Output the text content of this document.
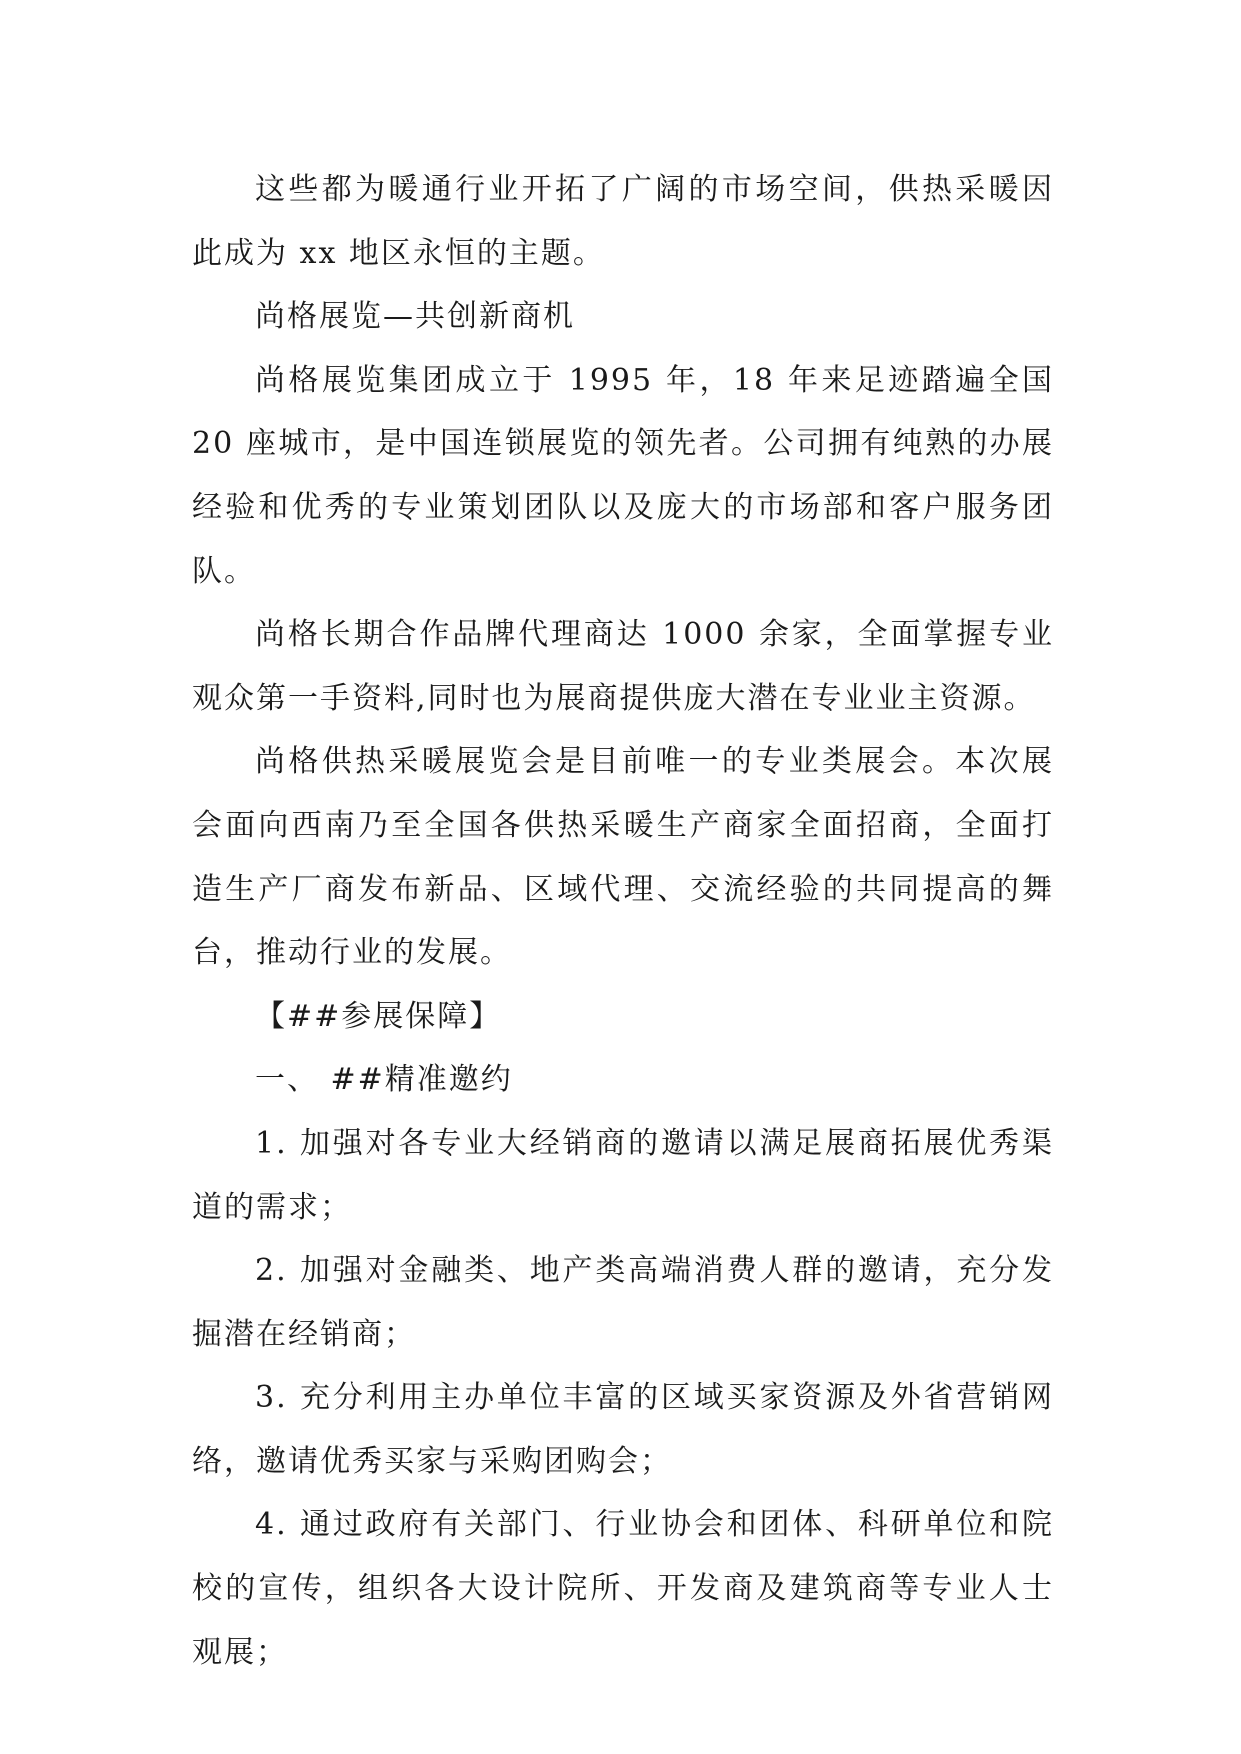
这些都为暖通行业开拓了广阔的市场空间，供热采暖因此成为 xx 地区永恒的主题。

尚格展览—共创新商机

尚格展览集团成立于 1995 年，18 年来足迹踏遍全国 20 座城市，是中国连锁展览的领先者。公司拥有纯熟的办展经验和优秀的专业策划团队以及庞大的市场部和客户服务团队。

尚格长期合作品牌代理商达 1000 余家，全面掌握专业观众第一手资料,同时也为展商提供庞大潜在专业业主资源。

尚格供热采暖展览会是目前唯一的专业类展会。本次展会面向西南乃至全国各供热采暖生产商家全面招商，全面打造生产厂商发布新品、区域代理、交流经验的共同提高的舞台，推动行业的发展。

【##参展保障】

一、 ##精准邀约

1. 加强对各专业大经销商的邀请以满足展商拓展优秀渠道的需求；

2. 加强对金融类、地产类高端消费人群的邀请，充分发掘潜在经销商；

3. 充分利用主办单位丰富的区域买家资源及外省营销网络，邀请优秀买家与采购团购会；

4. 通过政府有关部门、行业协会和团体、科研单位和院校的宣传，组织各大设计院所、开发商及建筑商等专业人士观展；
